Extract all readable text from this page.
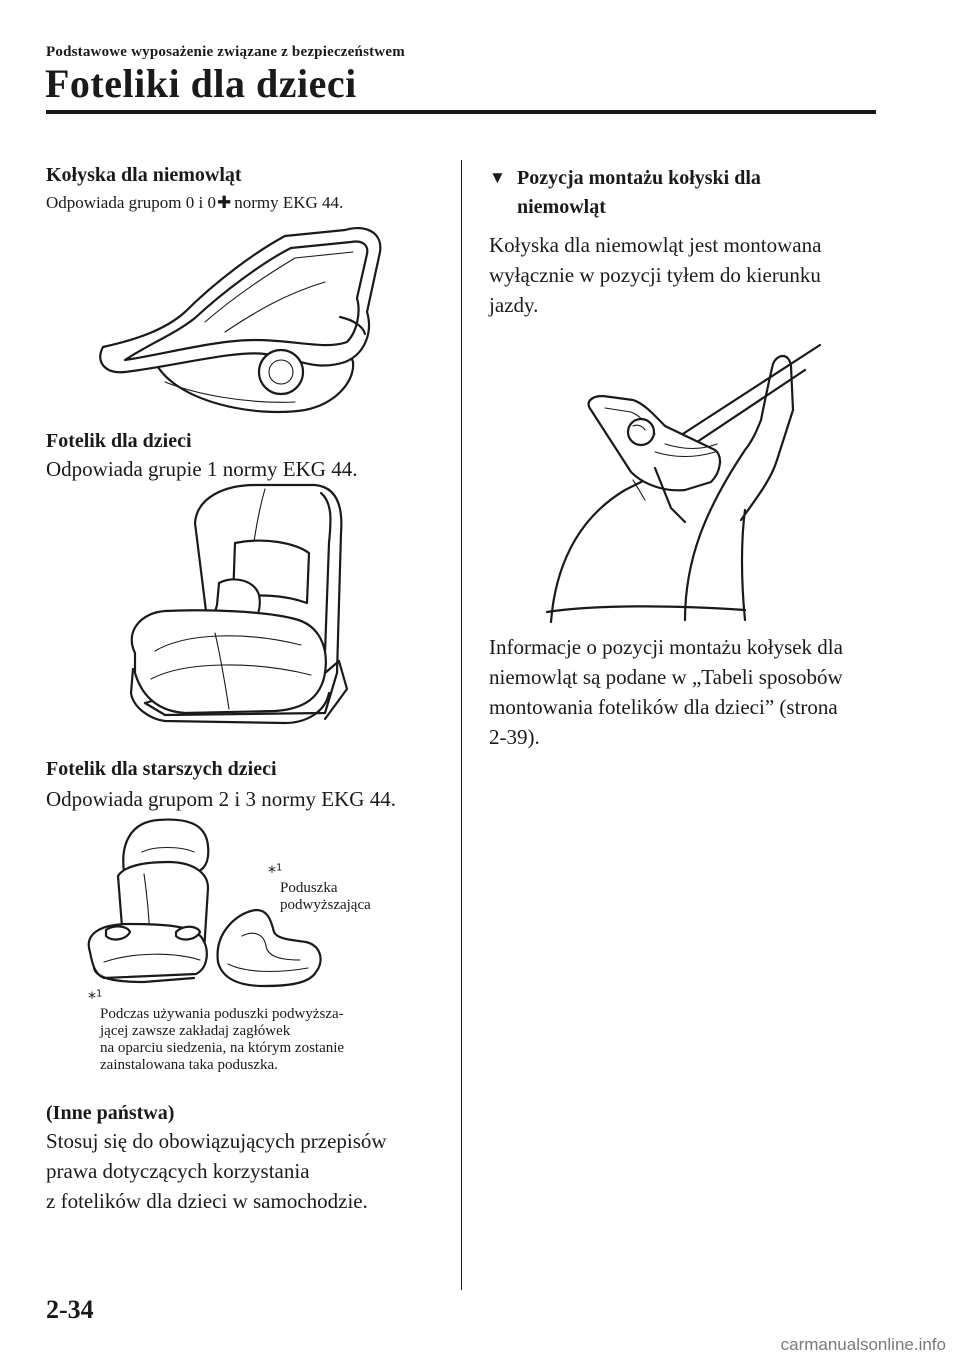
Podstawowe wyposażenie związane z bezpieczeństwem
Foteliki dla dzieci
Kołyska dla niemowląt
Odpowiada grupom 0 i 0✚ normy EKG 44.
Fotelik dla dzieci
Odpowiada grupie 1 normy EKG 44.
Fotelik dla starszych dzieci
Odpowiada grupom 2 i 3 normy EKG 44.
*$^1$
Poduszka
podwyższająca
*$^1$
Podczas używania poduszki podwyższa-
jącej zawsze zakładaj zagłówek
na oparciu siedzenia, na którym zostanie
zainstalowana taka poduszka.
(Inne państwa)
Stosuj się do obowiązujących przepisów
prawa dotyczących korzystania
z fotelików dla dzieci w samochodzie.
▼ Pozycja montażu kołyski dla
niemowląt
Kołyska dla niemowląt jest montowana
wyłącznie w pozycji tyłem do kierunku
jazdy.
Informacje o pozycji montażu kołysek dla
niemowląt są podane w „Tabeli sposobów
montowania fotelików dla dzieci” (strona
2-39).
2-34
carmanualsonline.info
